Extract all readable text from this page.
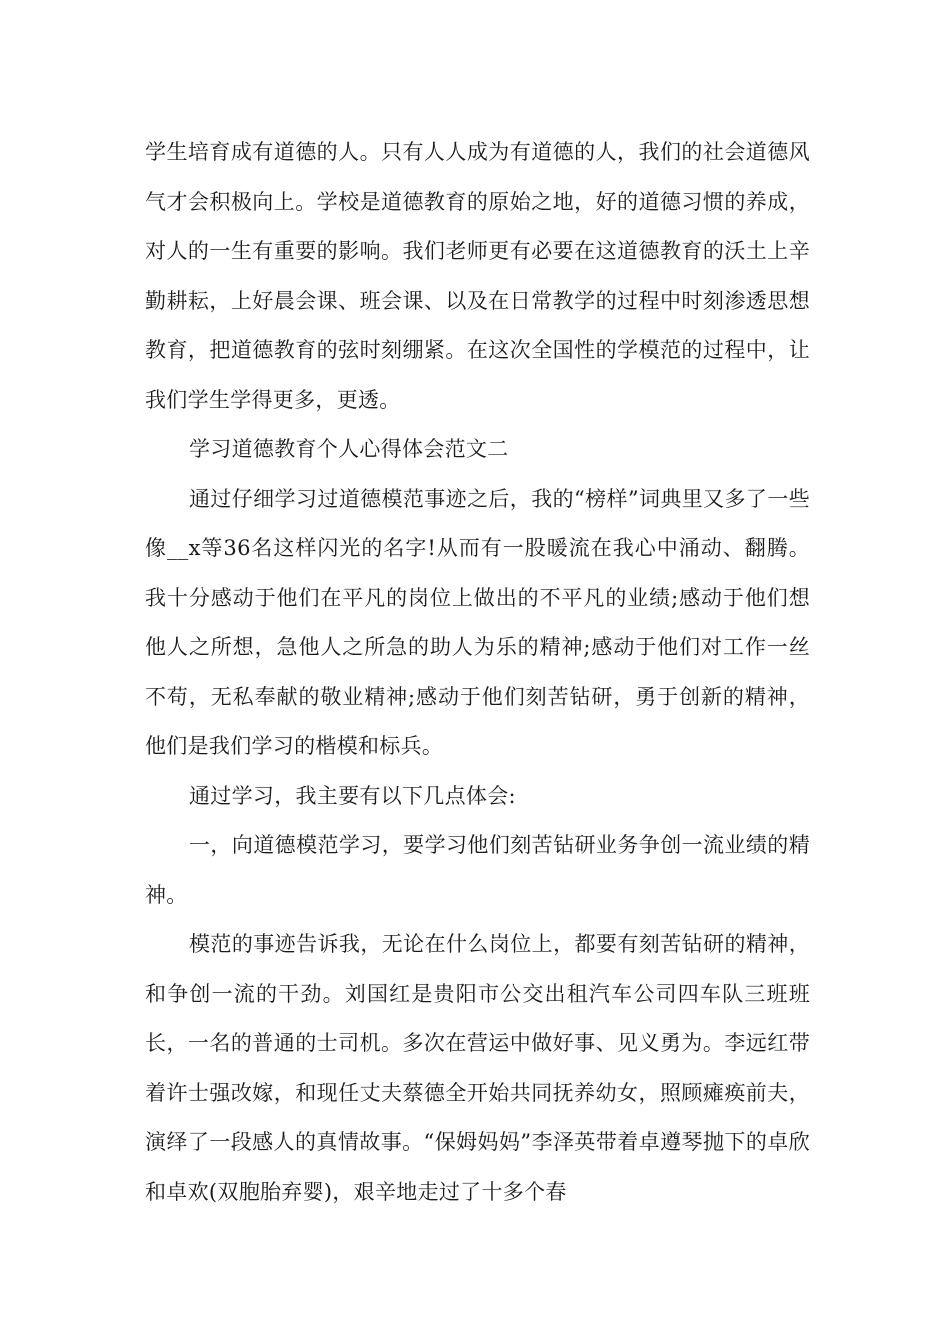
学生培育成有道德的人。只有人人成为有道德的人，我们的社会道德风气才会积极向上。学校是道德教育的原始之地，好的道德习惯的养成，对人的一生有重要的影响。我们老师更有必要在这道德教育的沃土上辛勤耕耘，上好晨会课、班会课、以及在日常教学的过程中时刻渗透思想教育，把道德教育的弦时刻绷紧。在这次全国性的学模范的过程中，让我们学生学得更多，更透。

学习道德教育个人心得体会范文二

通过仔细学习过道德模范事迹之后，我的“榜样”词典里又多了一些像__x等36名这样闪光的名字!从而有一股暖流在我心中涌动、翻腾。我十分感动于他们在平凡的岗位上做出的不平凡的业绩;感动于他们想他人之所想，急他人之所急的助人为乐的精神;感动于他们对工作一丝不苟，无私奉献的敬业精神;感动于他们刻苦钻研，勇于创新的精神，他们是我们学习的楷模和标兵。

通过学习，我主要有以下几点体会:

一，向道德模范学习，要学习他们刻苦钻研业务争创一流业绩的精神。

模范的事迹告诉我，无论在什么岗位上，都要有刻苦钻研的精神，和争创一流的干劲。刘国红是贵阳市公交出租汽车公司四车队三班班长，一名的普通的士司机。多次在营运中做好事、见义勇为。李远红带着许士强改嫁，和现任丈夫蔡德全开始共同抚养幼女，照顾瘫痪前夫，演绎了一段感人的真情故事。“保姆妈妈”李泽英带着卓遵琴抛下的卓欣和卓欢(双胞胎弃婴)，艰辛地走过了十多个春
